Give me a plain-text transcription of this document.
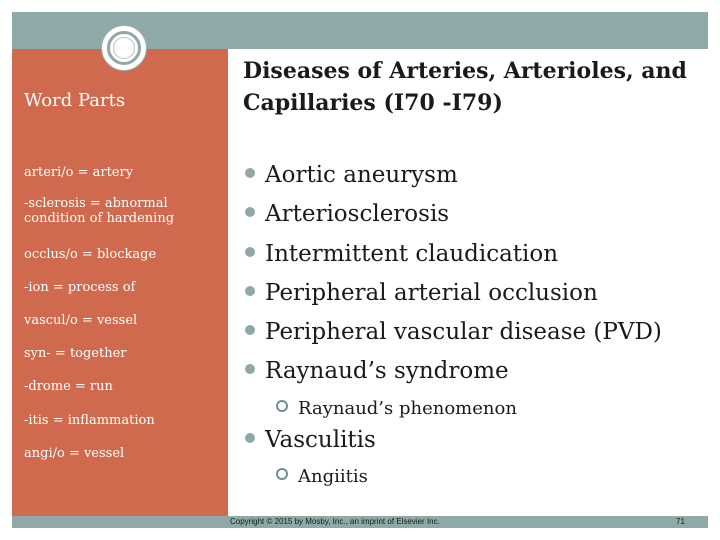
Word Parts
arteri/o = artery
-sclerosis = abnormal condition of hardening
occlus/o = blockage
-ion = process of
vascul/o = vessel
syn- = together
-drome = run
-itis = inflammation
angi/o = vessel
Diseases of Arteries, Arterioles, and Capillaries (I70 -I79)
Aortic aneurysm
Arteriosclerosis
Intermittent claudication
Peripheral arterial occlusion
Peripheral vascular disease (PVD)
Raynaud’s syndrome
Raynaud’s phenomenon
Vasculitis
Angiitis
Copyright © 2015 by Mosby, Inc., an imprint of Elsevier Inc.	71
